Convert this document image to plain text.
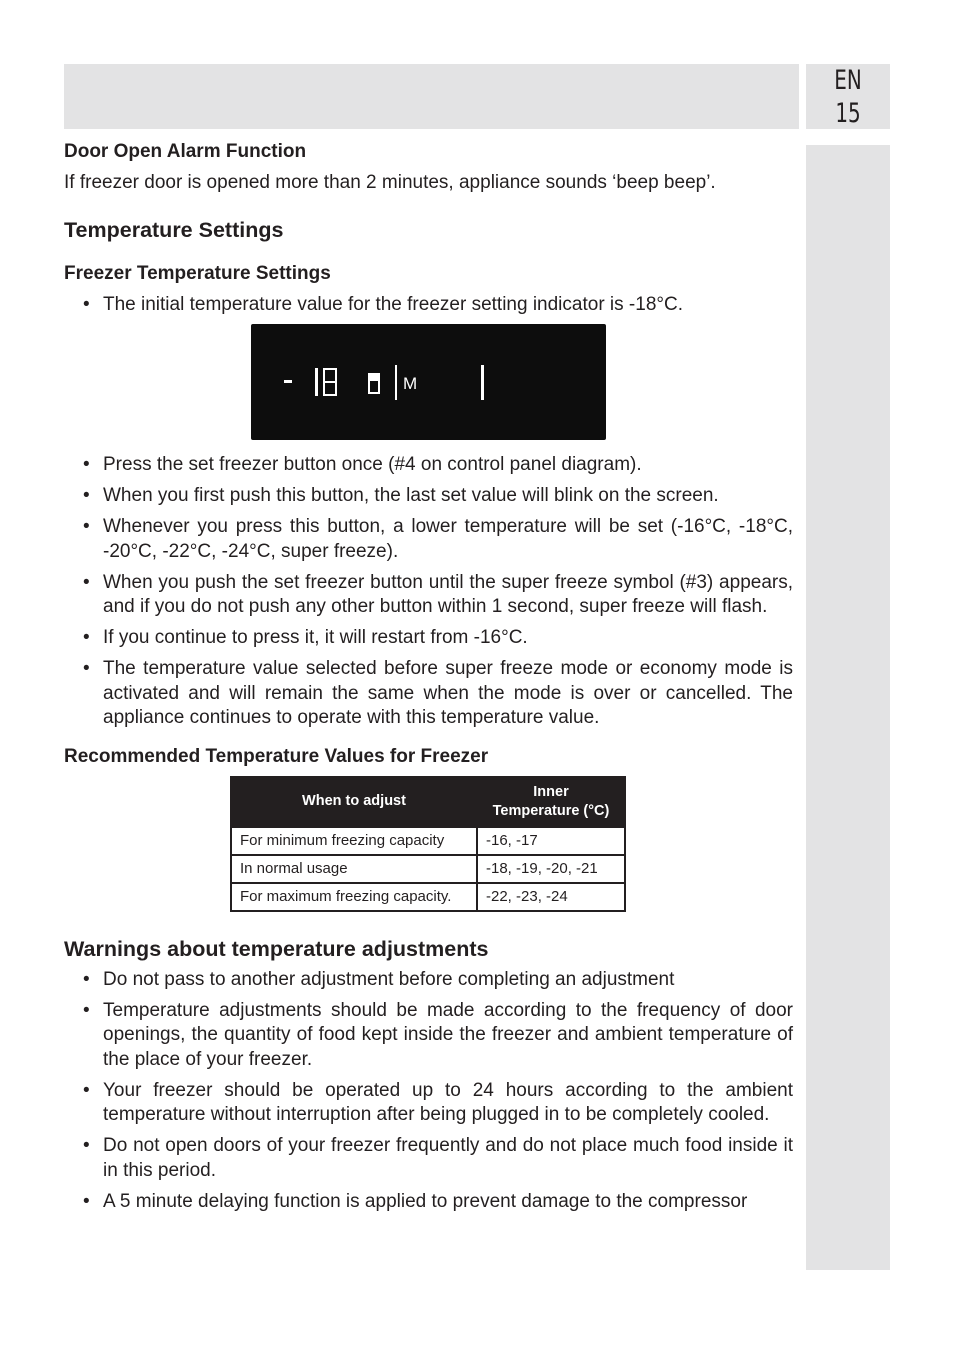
EN
15
Door Open Alarm Function

If freezer door is opened more than 2 minutes, appliance sounds ‘beep beep’.

Temperature Settings
Freezer Temperature Settings
• The initial temperature value for the freezer setting indicator is -18°C.
M
• Press the set freezer button once (#4 on control panel diagram).
• When you first push this button, the last set value will blink on the screen.
• Whenever you press this button, a lower temperature will be set (-16°C, -18°C, -20°C, -22°C, -24°C, super freeze).
• When you push the set freezer button until the super freeze symbol (#3) appears, and if you do not push any other button within 1 second, super freeze will flash.
• If you continue to press it, it will restart from -16°C.
• The temperature value selected before super freeze mode or economy mode is activated and will remain the same when the mode is over or cancelled. The appliance continues to operate with this temperature value.
Recommended Temperature Values for Freezer
When to adjust	Inner
Temperature (°C)
For minimum freezing capacity	-16, -17
In normal usage	-18, -19, -20, -21
For maximum freezing capacity.	-22, -23, -24
Warnings about temperature adjustments
• Do not pass to another adjustment before completing an adjustment
• Temperature adjustments should be made according to the frequency of door openings, the quantity of food kept inside the freezer and ambient temperature of the place of your freezer.
• Your freezer should be operated up to 24 hours according to the ambient temperature without interruption after being plugged in to be completely cooled.
• Do not open doors of your freezer frequently and do not place much food inside it in this period.
• A 5 minute delaying function is applied to prevent damage to the compressor
